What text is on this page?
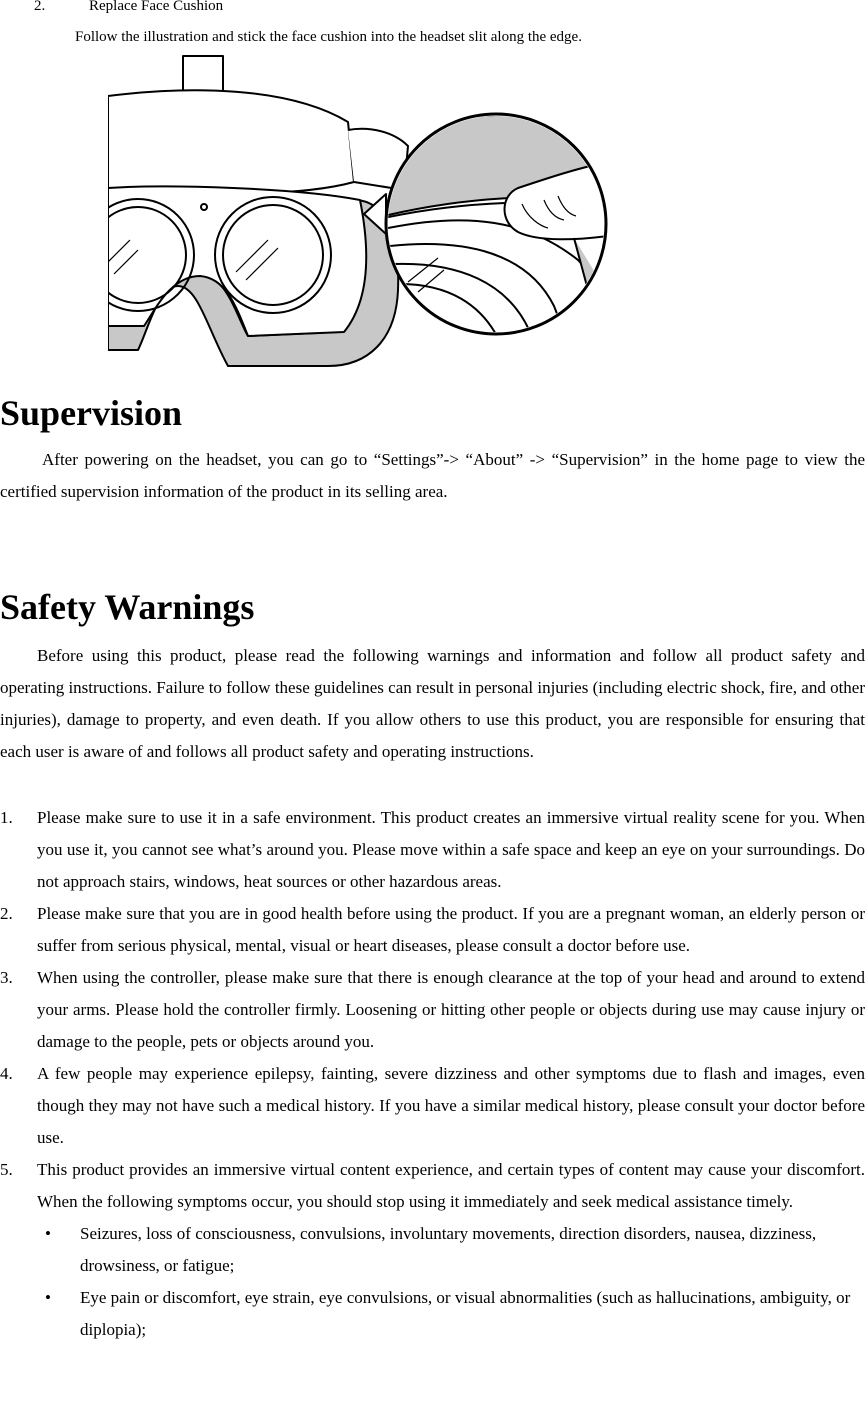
2.	Replace Face Cushion
Follow the illustration and stick the face cushion into the headset slit along the edge.
Supervision

After powering on the headset, you can go to “Settings”-> “About” -> “Supervision” in the home page to view the certified supervision information of the product in its selling area.

Safety Warnings

Before using this product, please read the following warnings and information and follow all product safety and operating instructions. Failure to follow these guidelines can result in personal injuries (including electric shock, fire, and other injuries), damage to property, and even death. If you allow others to use this product, you are responsible for ensuring that each user is aware of and follows all product safety and operating instructions.

1. Please make sure to use it in a safe environment. This product creates an immersive virtual reality scene for you. When you use it, you cannot see what’s around you. Please move within a safe space and keep an eye on your surroundings. Do not approach stairs, windows, heat sources or other hazardous areas.
2. Please make sure that you are in good health before using the product. If you are a pregnant woman, an elderly person or suffer from serious physical, mental, visual or heart diseases, please consult a doctor before use.
3. When using the controller, please make sure that there is enough clearance at the top of your head and around to extend your arms. Please hold the controller firmly. Loosening or hitting other people or objects during use may cause injury or damage to the people, pets or objects around you.
4. A few people may experience epilepsy, fainting, severe dizziness and other symptoms due to flash and images, even though they may not have such a medical history. If you have a similar medical history, please consult your doctor before use.
5. This product provides an immersive virtual content experience, and certain types of content may cause your discomfort. When the following symptoms occur, you should stop using it immediately and seek medical assistance timely.
• Seizures, loss of consciousness, convulsions, involuntary movements, direction disorders, nausea, dizziness, drowsiness, or fatigue;
• Eye pain or discomfort, eye strain, eye convulsions, or visual abnormalities (such as hallucinations, ambiguity, or diplopia);
